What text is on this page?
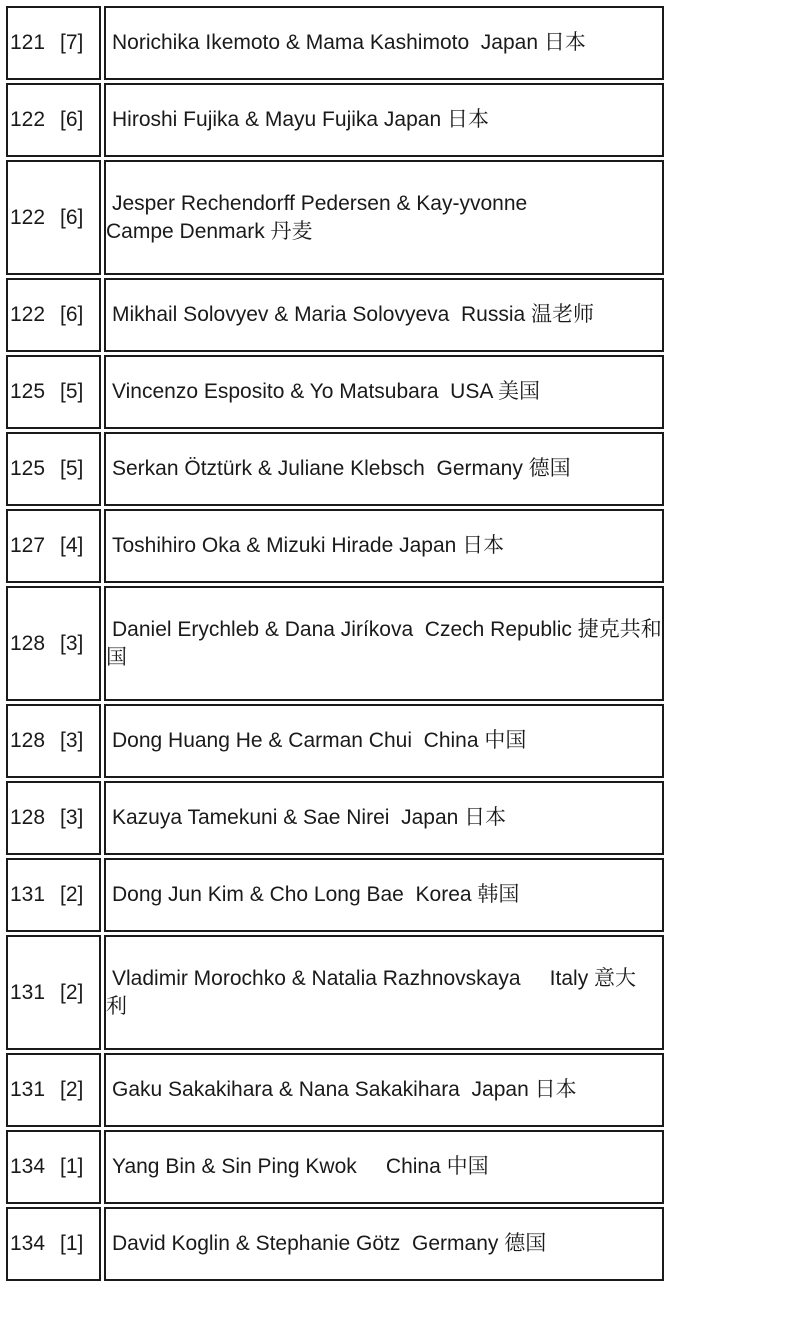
121 [7]	Norichika Ikemoto & Mama Kashimoto  Japan 日本
122 [6]	Hiroshi Fujika & Mayu Fujika Japan 日本
122 [6]	Jesper Rechendorff Pedersen & Kay-yvonne
Campe Denmark 丹麦

122 [6]	Mikhail Solovyev & Maria Solovyeva  Russia 温老师
125 [5]	Vincenzo Esposito & Yo Matsubara  USA 美国
125 [5]	Serkan Ötztürk & Juliane Klebsch  Germany 德国
127 [4]	Toshihiro Oka & Mizuki Hirade Japan 日本
128 [3]	Daniel Erychleb & Dana Jiríkova  Czech Republic 捷克共和
国

128 [3]	Dong Huang He & Carman Chui  China 中国
128 [3]	Kazuya Tamekuni & Sae Nirei  Japan 日本
131 [2]	Dong Jun Kim & Cho Long Bae  Korea 韩国
131 [2]	Vladimir Morochko & Natalia Razhnovskaya     Italy 意大
利

131 [2]	Gaku Sakakihara & Nana Sakakihara  Japan 日本
134 [1]	Yang Bin & Sin Ping Kwok     China 中国
134 [1]	David Koglin & Stephanie Götz  Germany 德国
